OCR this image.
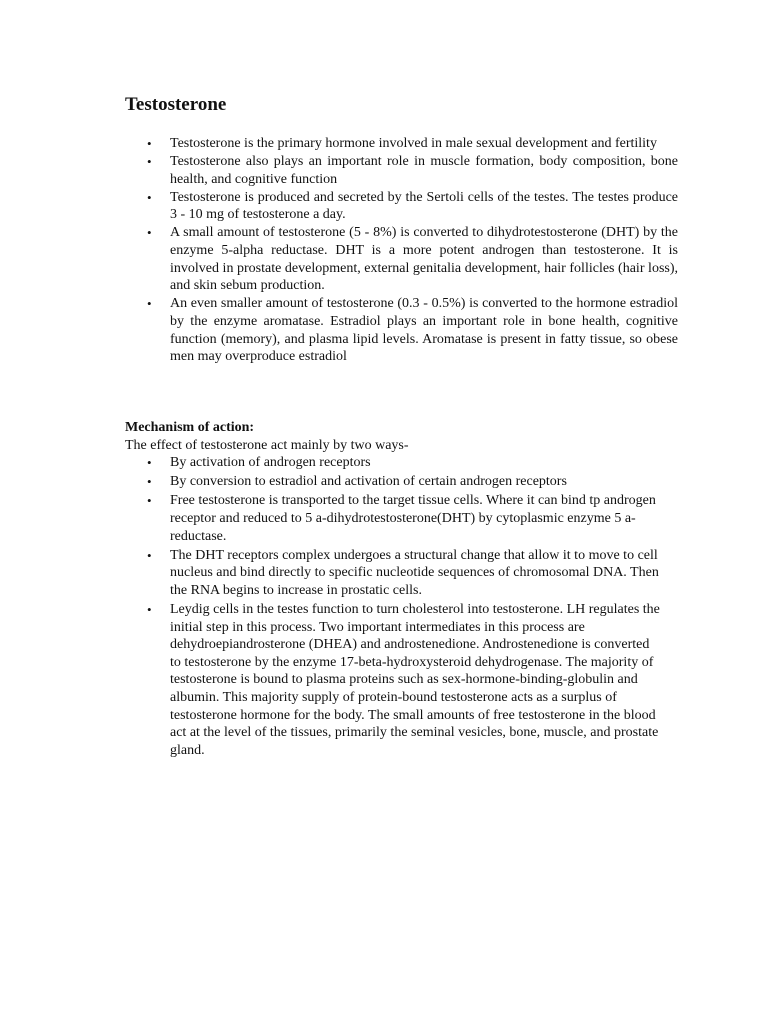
Testosterone
• Testosterone is the primary hormone involved in male sexual development and fertility
• Testosterone also plays an important role in muscle formation, body composition, bone health, and cognitive function
• Testosterone is produced and secreted by the Sertoli cells of the testes. The testes produce 3 - 10 mg of testosterone a day.
• A small amount of testosterone (5 - 8%) is converted to dihydrotestosterone (DHT) by the enzyme 5-alpha reductase. DHT is a more potent androgen than testosterone. It is involved in prostate development, external genitalia development, hair follicles (hair loss), and skin sebum production.
• An even smaller amount of testosterone (0.3 - 0.5%) is converted to the hormone estradiol by the enzyme aromatase. Estradiol plays an important role in bone health, cognitive function (memory), and plasma lipid levels. Aromatase is present in fatty tissue, so obese men may overproduce estradiol

Mechanism of action:

The effect of testosterone act mainly by two ways-

• By activation of androgen receptors
• By conversion to estradiol and activation of certain androgen receptors
• Free testosterone is transported to the target tissue cells. Where it can bind tp androgen receptor and reduced to 5 a-dihydrotestosterone(DHT) by cytoplasmic enzyme 5 a- reductase.
• The DHT receptors complex undergoes a structural change that allow it to move to cell nucleus and bind directly to specific nucleotide sequences of chromosomal DNA. Then the RNA begins to increase in prostatic cells.
• Leydig cells in the testes function to turn cholesterol into testosterone. LH regulates the initial step in this process. Two important intermediates in this process are dehydroepiandrosterone (DHEA) and androstenedione. Androstenedione is converted to testosterone by the enzyme 17-beta-hydroxysteroid dehydrogenase. The majority of testosterone is bound to plasma proteins such as sex-hormone-binding-globulin and albumin. This majority supply of protein-bound testosterone acts as a surplus of testosterone hormone for the body. The small amounts of free testosterone in the blood act at the level of the tissues, primarily the seminal vesicles, bone, muscle, and prostate gland.
